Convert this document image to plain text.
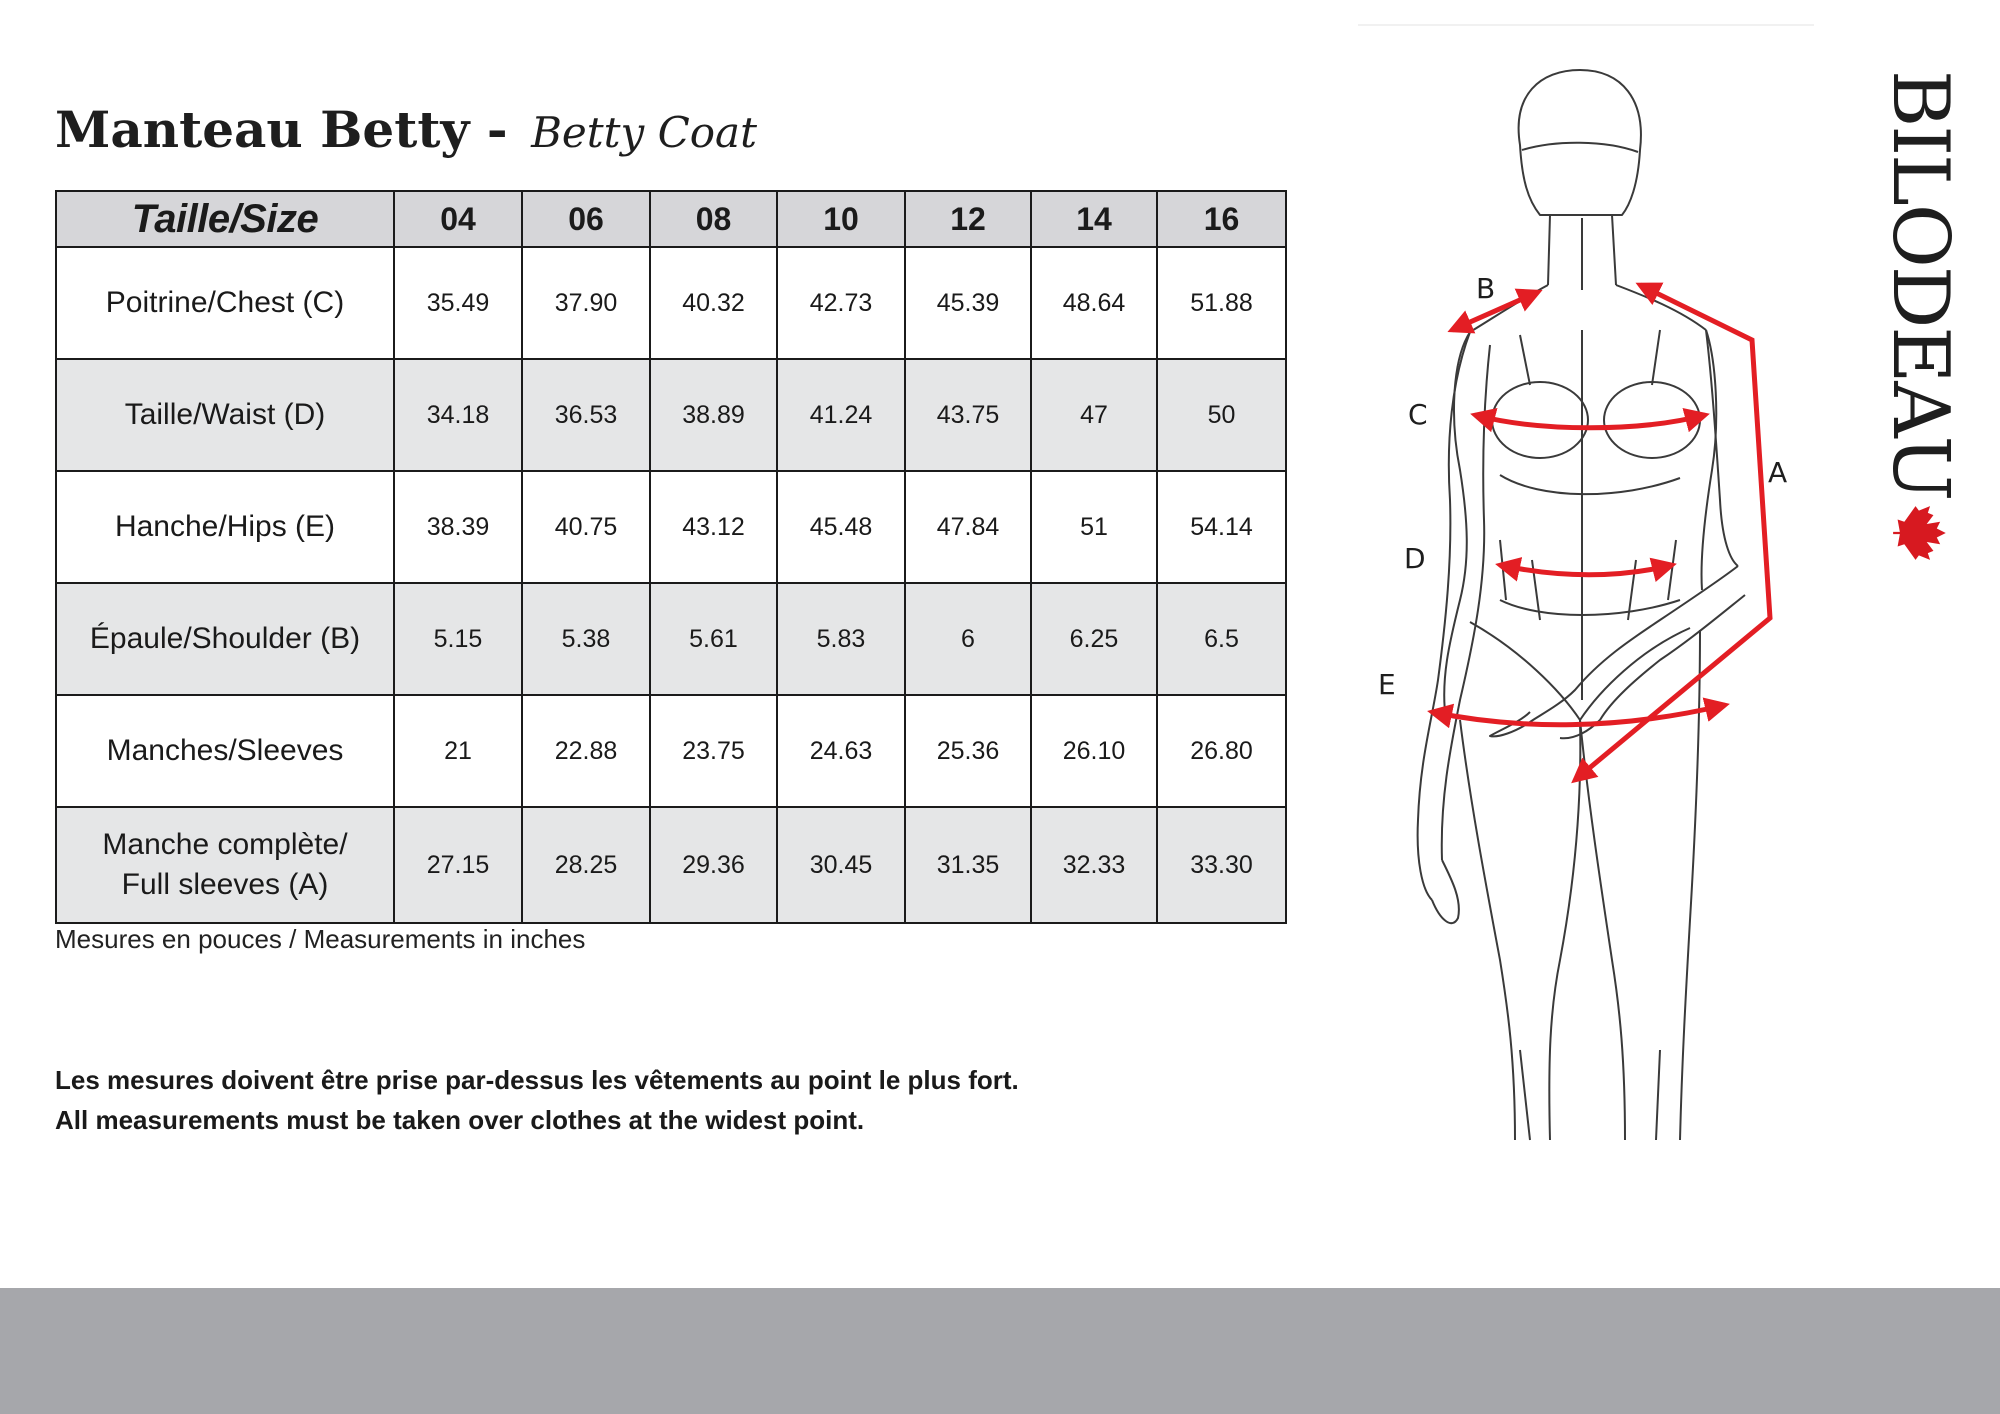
Manteau Betty - Betty Coat
Taille/Size	04	06	08	10	12	14	16
Poitrine/Chest (C)	35.49	37.90	40.32	42.73	45.39	48.64	51.88
Taille/Waist (D)	34.18	36.53	38.89	41.24	43.75	47	50
Hanche/Hips (E)	38.39	40.75	43.12	45.48	47.84	51	54.14
Épaule/Shoulder (B)	5.15	5.38	5.61	5.83	6	6.25	6.5
Manches/Sleeves	21	22.88	23.75	24.63	25.36	26.10	26.80
Manche complète/
Full sleeves (A)	27.15	28.25	29.36	30.45	31.35	32.33	33.30
Mesures en pouces / Measurements in inches
Les mesures doivent être prise par-dessus les vêtements au point le plus fort.
All measurements must be taken over clothes at the widest point.
A
B
C
D
E
BILODEAU
